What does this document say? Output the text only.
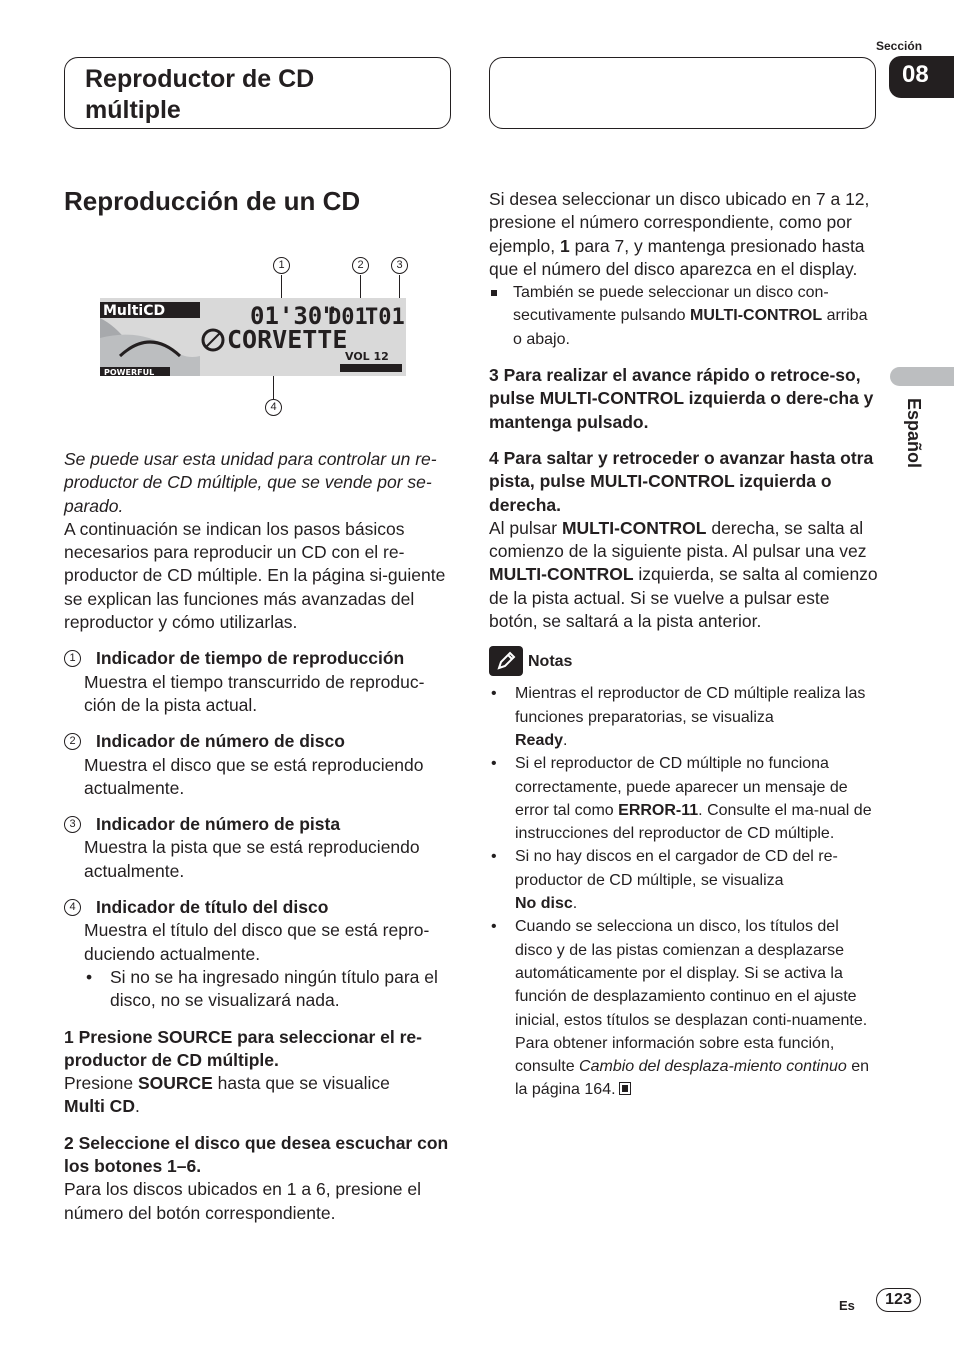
Reproductor de CD
múltiple
Sección
08
Español
Reproducción de un CD
1	2	3
4
MultiCD	01'30"
D01
T01
CORVETTE
VOL 12
POWERFUL
Se puede usar esta unidad para controlar un re-productor de CD múltiple, que se vende por se-parado.
A continuación se indican los pasos básicos necesarios para reproducir un CD con el re-productor de CD múltiple. En la página si-guiente se explican las funciones más avanzadas del reproductor y cómo utilizarlas.
1	Indicador de tiempo de reproducción
Muestra el tiempo transcurrido de reproduc-ción de la pista actual.
2	Indicador de número de disco
Muestra el disco que se está reproduciendo actualmente.
3	Indicador de número de pista
Muestra la pista que se está reproduciendo actualmente.
4	Indicador de título del disco
Muestra el título del disco que se está repro-duciendo actualmente.
• Si no se ha ingresado ningún título para el disco, no se visualizará nada.
1 Presione SOURCE para seleccionar el re-productor de CD múltiple.
Presione SOURCE hasta que se visualice
Multi CD.
2 Seleccione el disco que desea escuchar con los botones 1–6.
Para los discos ubicados en 1 a 6, presione el número del botón correspondiente.
Si desea seleccionar un disco ubicado en 7 a 12, presione el número correspondiente, como por ejemplo, 1 para 7, y mantenga presionado hasta que el número del disco aparezca en el display.
También se puede seleccionar un disco con-secutivamente pulsando MULTI-CONTROL arriba o abajo.
3 Para realizar el avance rápido o retroce-so, pulse MULTI-CONTROL izquierda o dere-cha y mantenga pulsado.
4 Para saltar y retroceder o avanzar hasta otra pista, pulse MULTI-CONTROL izquierda o derecha.
Al pulsar MULTI-CONTROL derecha, se salta al comienzo de la siguiente pista. Al pulsar una vez MULTI-CONTROL izquierda, se salta al comienzo de la pista actual. Si se vuelve a pulsar este botón, se saltará a la pista anterior.
Notas
• Mientras el reproductor de CD múltiple realiza las funciones preparatorias, se visualiza
Ready.
• Si el reproductor de CD múltiple no funciona correctamente, puede aparecer un mensaje de error tal como ERROR-11. Consulte el ma-nual de instrucciones del reproductor de CD múltiple.
• Si no hay discos en el cargador de CD del re-productor de CD múltiple, se visualiza
No disc.
• Cuando se selecciona un disco, los títulos del disco y de las pistas comienzan a desplazarse automáticamente por el display. Si se activa la función de desplazamiento continuo en el ajuste inicial, estos títulos se desplazan conti-nuamente. Para obtener información sobre esta función, consulte Cambio del desplaza-miento continuo en la página 164.
Es	123
